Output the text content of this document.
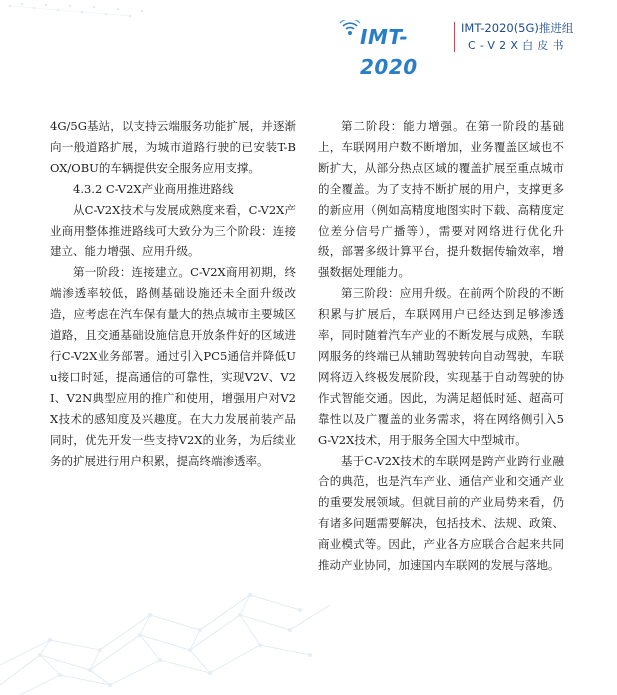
IMT-2020
IMT-2020(5G)推进组
C-V2X白皮书

4G/5G基站，以支持云端服务功能扩展，并逐渐向一般道路扩展，为城市道路行驶的已安装T-BOX/OBU的车辆提供安全服务应用支撑。

4.3.2 C-V2X产业商用推进路线

从C-V2X技术与发展成熟度来看，C-V2X产业商用整体推进路线可大致分为三个阶段：连接建立、能力增强、应用升级。

第一阶段：连接建立。C-V2X商用初期，终端渗透率较低，路侧基础设施还未全面升级改造，应考虑在汽车保有量大的热点城市主要城区道路，且交通基础设施信息开放条件好的区域进行C-V2X业务部署。通过引入PC5通信并降低Uu接口时延，提高通信的可靠性，实现V2V、V2I、V2N典型应用的推广和使用，增强用户对V2X技术的感知度及兴趣度。在大力发展前装产品同时，优先开发一些支持V2X的业务，为后续业务的扩展进行用户积累，提高终端渗透率。

第二阶段：能力增强。在第一阶段的基础上，车联网用户数不断增加，业务覆盖区域也不断扩大，从部分热点区域的覆盖扩展至重点城市的全覆盖。为了支持不断扩展的用户，支撑更多的新应用（例如高精度地图实时下载、高精度定位差分信号广播等），需要对网络进行优化升级，部署多级计算平台，提升数据传输效率，增强数据处理能力。

第三阶段：应用升级。在前两个阶段的不断积累与扩展后，车联网用户已经达到足够渗透率，同时随着汽车产业的不断发展与成熟，车联网服务的终端已从辅助驾驶转向自动驾驶，车联网将迈入终极发展阶段，实现基于自动驾驶的协作式智能交通。因此，为满足超低时延、超高可靠性以及广覆盖的业务需求，将在网络侧引入5G-V2X技术，用于服务全国大中型城市。

基于C-V2X技术的车联网是跨产业跨行业融合的典范，也是汽车产业、通信产业和交通产业的重要发展领域。但就目前的产业局势来看，仍有诸多问题需要解决，包括技术、法规、政策、商业模式等。因此，产业各方应联合合起来共同推动产业协同，加速国内车联网的发展与落地。
